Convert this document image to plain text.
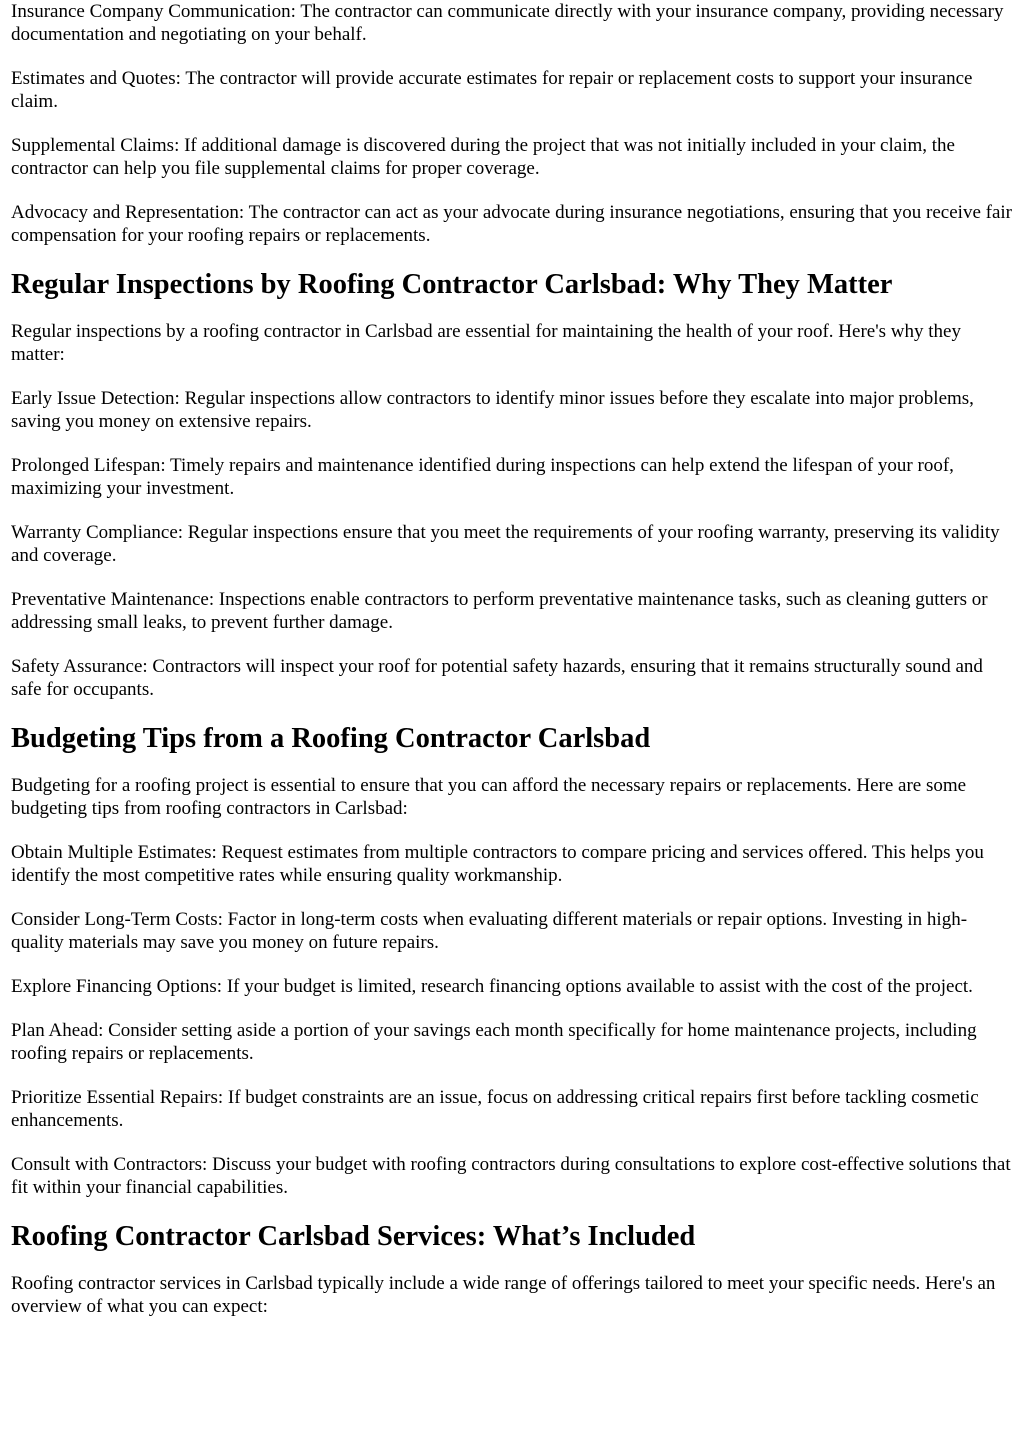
Insurance Company Communication: The contractor can communicate directly with your insurance company, providing necessary documentation and negotiating on your behalf.

Estimates and Quotes: The contractor will provide accurate estimates for repair or replacement costs to support your insurance claim.

Supplemental Claims: If additional damage is discovered during the project that was not initially included in your claim, the contractor can help you file supplemental claims for proper coverage.

Advocacy and Representation: The contractor can act as your advocate during insurance negotiations, ensuring that you receive fair compensation for your roofing repairs or replacements.

Regular Inspections by Roofing Contractor Carlsbad: Why They Matter

Regular inspections by a roofing contractor in Carlsbad are essential for maintaining the health of your roof. Here's why they matter:

Early Issue Detection: Regular inspections allow contractors to identify minor issues before they escalate into major problems, saving you money on extensive repairs.

Prolonged Lifespan: Timely repairs and maintenance identified during inspections can help extend the lifespan of your roof, maximizing your investment.

Warranty Compliance: Regular inspections ensure that you meet the requirements of your roofing warranty, preserving its validity and coverage.

Preventative Maintenance: Inspections enable contractors to perform preventative maintenance tasks, such as cleaning gutters or addressing small leaks, to prevent further damage.

Safety Assurance: Contractors will inspect your roof for potential safety hazards, ensuring that it remains structurally sound and safe for occupants.

Budgeting Tips from a Roofing Contractor Carlsbad

Budgeting for a roofing project is essential to ensure that you can afford the necessary repairs or replacements. Here are some budgeting tips from roofing contractors in Carlsbad:

Obtain Multiple Estimates: Request estimates from multiple contractors to compare pricing and services offered. This helps you identify the most competitive rates while ensuring quality workmanship.

Consider Long-Term Costs: Factor in long-term costs when evaluating different materials or repair options. Investing in high-quality materials may save you money on future repairs.

Explore Financing Options: If your budget is limited, research financing options available to assist with the cost of the project.

Plan Ahead: Consider setting aside a portion of your savings each month specifically for home maintenance projects, including roofing repairs or replacements.

Prioritize Essential Repairs: If budget constraints are an issue, focus on addressing critical repairs first before tackling cosmetic enhancements.

Consult with Contractors: Discuss your budget with roofing contractors during consultations to explore cost-effective solutions that fit within your financial capabilities.

Roofing Contractor Carlsbad Services: What’s Included

Roofing contractor services in Carlsbad typically include a wide range of offerings tailored to meet your specific needs. Here's an overview of what you can expect:
